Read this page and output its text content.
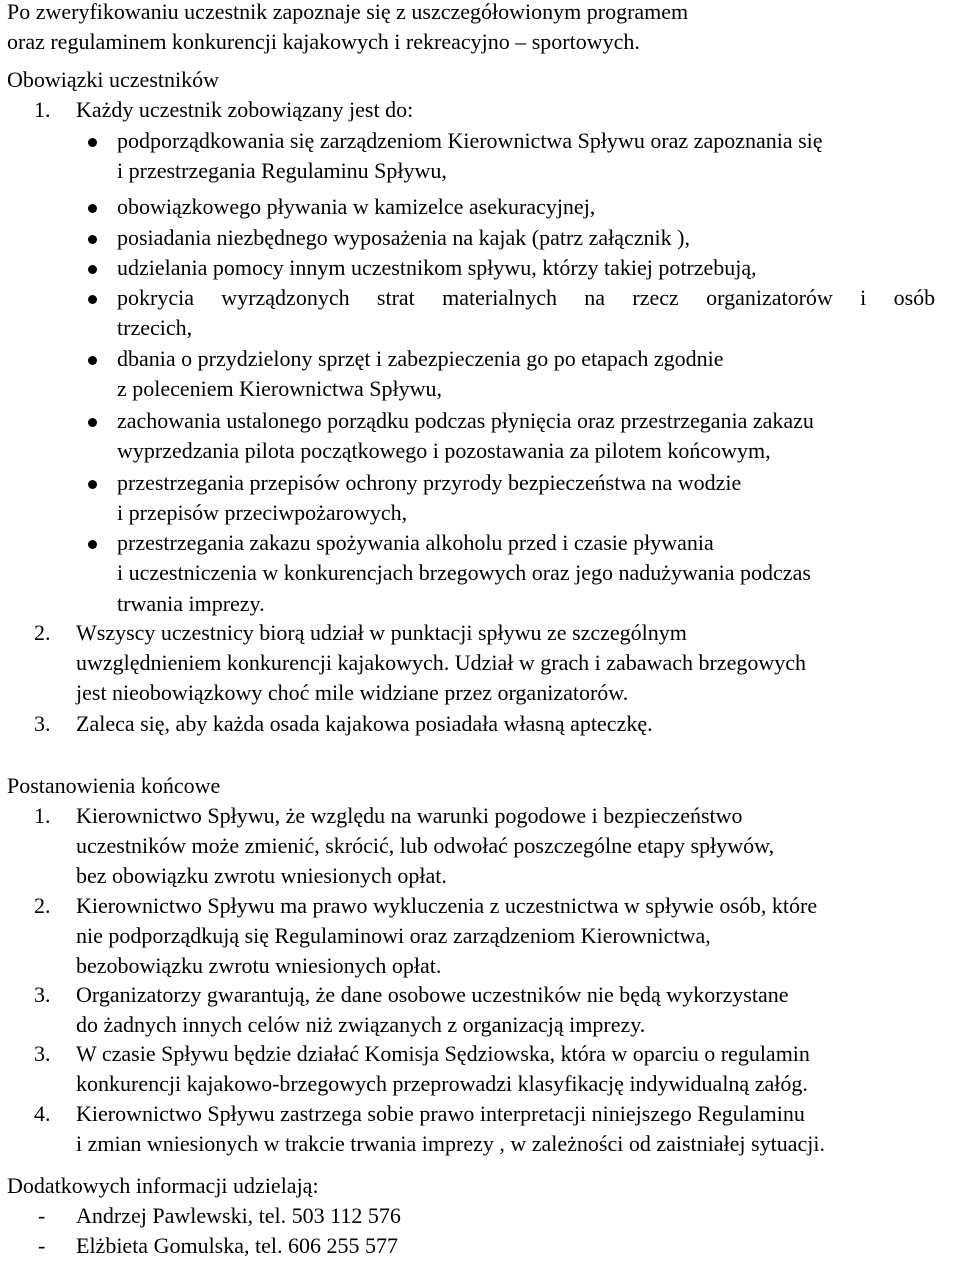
Po zweryfikowaniu uczestnik zapoznaje się z uszczegółowionym programem
oraz regulaminem konkurencji kajakowych i rekreacyjno – sportowych.
Obowiązki uczestników
1. Każdy uczestnik zobowiązany jest do:
podporządkowania się zarządzeniom Kierownictwa Spływu oraz zapoznania się
i przestrzegania Regulaminu Spływu,
obowiązkowego pływania w kamizelce asekuracyjnej,
posiadania niezbędnego wyposażenia na kajak (patrz załącznik ),
udzielania pomocy innym uczestnikom spływu, którzy takiej potrzebują,
pokrycia wyrządzonych strat materialnych na rzecz organizatorów i osób
trzecich,
dbania o przydzielony sprzęt i zabezpieczenia go po etapach zgodnie
z poleceniem Kierownictwa Spływu,
zachowania ustalonego porządku podczas płynięcia oraz przestrzegania zakazu
wyprzedzania pilota początkowego i pozostawania za pilotem końcowym,
przestrzegania przepisów ochrony przyrody bezpieczeństwa na wodzie
i przepisów przeciwpożarowych,
przestrzegania zakazu spożywania alkoholu przed i czasie pływania
i uczestniczenia w konkurencjach brzegowych oraz jego nadużywania podczas
trwania imprezy.
2. Wszyscy uczestnicy biorą udział w punktacji spływu ze szczególnym
uwzględnieniem konkurencji kajakowych. Udział w grach i zabawach brzegowych
jest nieobowiązkowy choć mile widziane przez organizatorów.
3. Zaleca się, aby każda osada kajakowa posiadała własną apteczkę.
Postanowienia końcowe
1. Kierownictwo Spływu, że względu na warunki pogodowe i bezpieczeństwo
uczestników może zmienić, skrócić, lub odwołać poszczególne etapy spływów,
bez obowiązku zwrotu wniesionych opłat.
2. Kierownictwo Spływu ma prawo wykluczenia z uczestnictwa w spływie osób, które
nie podporządkują się Regulaminowi oraz zarządzeniom Kierownictwa,
bezobowiązku zwrotu wniesionych opłat.
3. Organizatorzy gwarantują, że dane osobowe uczestników nie będą wykorzystane
do żadnych innych celów niż związanych z organizacją imprezy.
3. W czasie Spływu będzie działać Komisja Sędziowska, która w oparciu o regulamin
konkurencji kajakowo-brzegowych przeprowadzi klasyfikację indywidualną załóg.
4. Kierownictwo Spływu zastrzega sobie prawo interpretacji niniejszego Regulaminu
i zmian wniesionych w trakcie trwania imprezy , w zależności od zaistniałej sytuacji.
Dodatkowych informacji udzielają:
- Andrzej Pawlewski, tel. 503 112 576
- Elżbieta Gomulska, tel. 606 255 577
